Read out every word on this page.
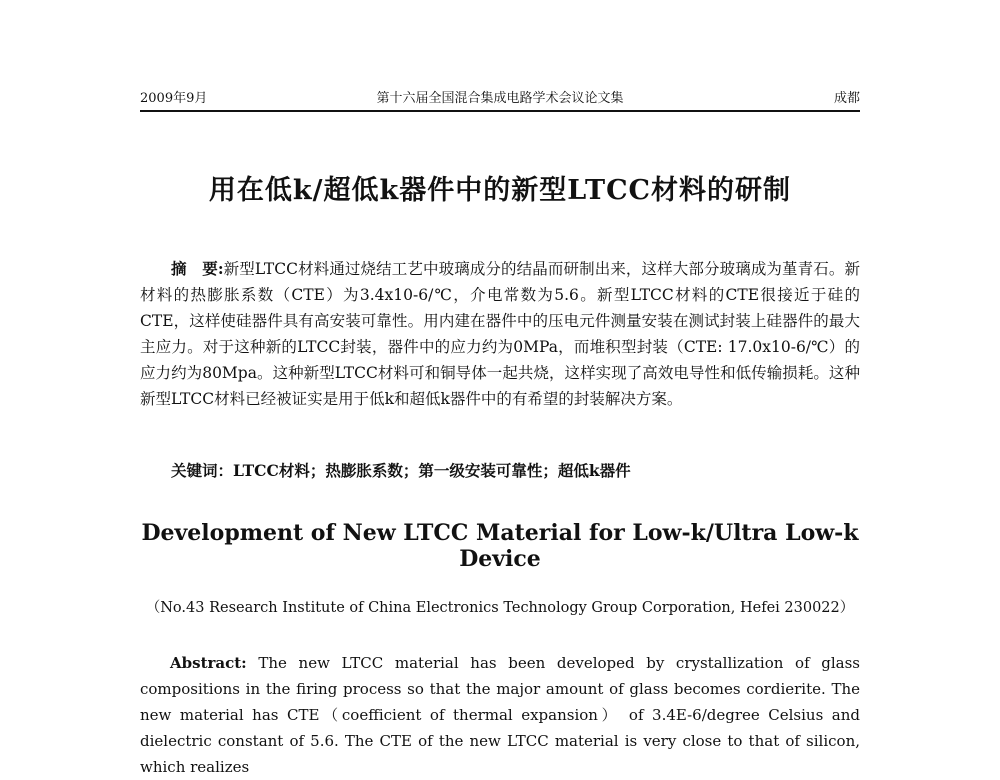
2009年9月	第十六届全国混合集成电路学术会议论文集	成都
用在低k/超低k器件中的新型LTCC材料的研制

摘　要:新型LTCC材料通过烧结工艺中玻璃成分的结晶而研制出来，这样大部分玻璃成为堇青石。新材料的热膨胀系数（CTE）为3.4x10-6/℃，介电常数为5.6。新型LTCC材料的CTE很接近于硅的CTE，这样使硅器件具有高安装可靠性。用内建在器件中的压电元件测量安装在测试封装上硅器件的最大主应力。对于这种新的LTCC封装，器件中的应力约为0MPa，而堆积型封装（CTE: 17.0x10-6/℃）的应力约为80Mpa。这种新型LTCC材料可和铜导体一起共烧，这样实现了高效电导性和低传输损耗。这种新型LTCC材料已经被证实是用于低k和超低k器件中的有希望的封装解决方案。

关键词：LTCC材料；热膨胀系数；第一级安装可靠性；超低k器件

Development of New LTCC Material for Low-k/Ultra Low-k Device
（No.43 Research Institute of China Electronics Technology Group Corporation, Hefei 230022）

Abstract: The new LTCC material has been developed by crystallization of glass compositions in the firing process so that the major amount of glass becomes cordierite. The new material has CTE（coefficient of thermal expansion） of 3.4E-6/degree Celsius and dielectric constant of 5.6. The CTE of the new LTCC material is very close to that of silicon, which realizes
